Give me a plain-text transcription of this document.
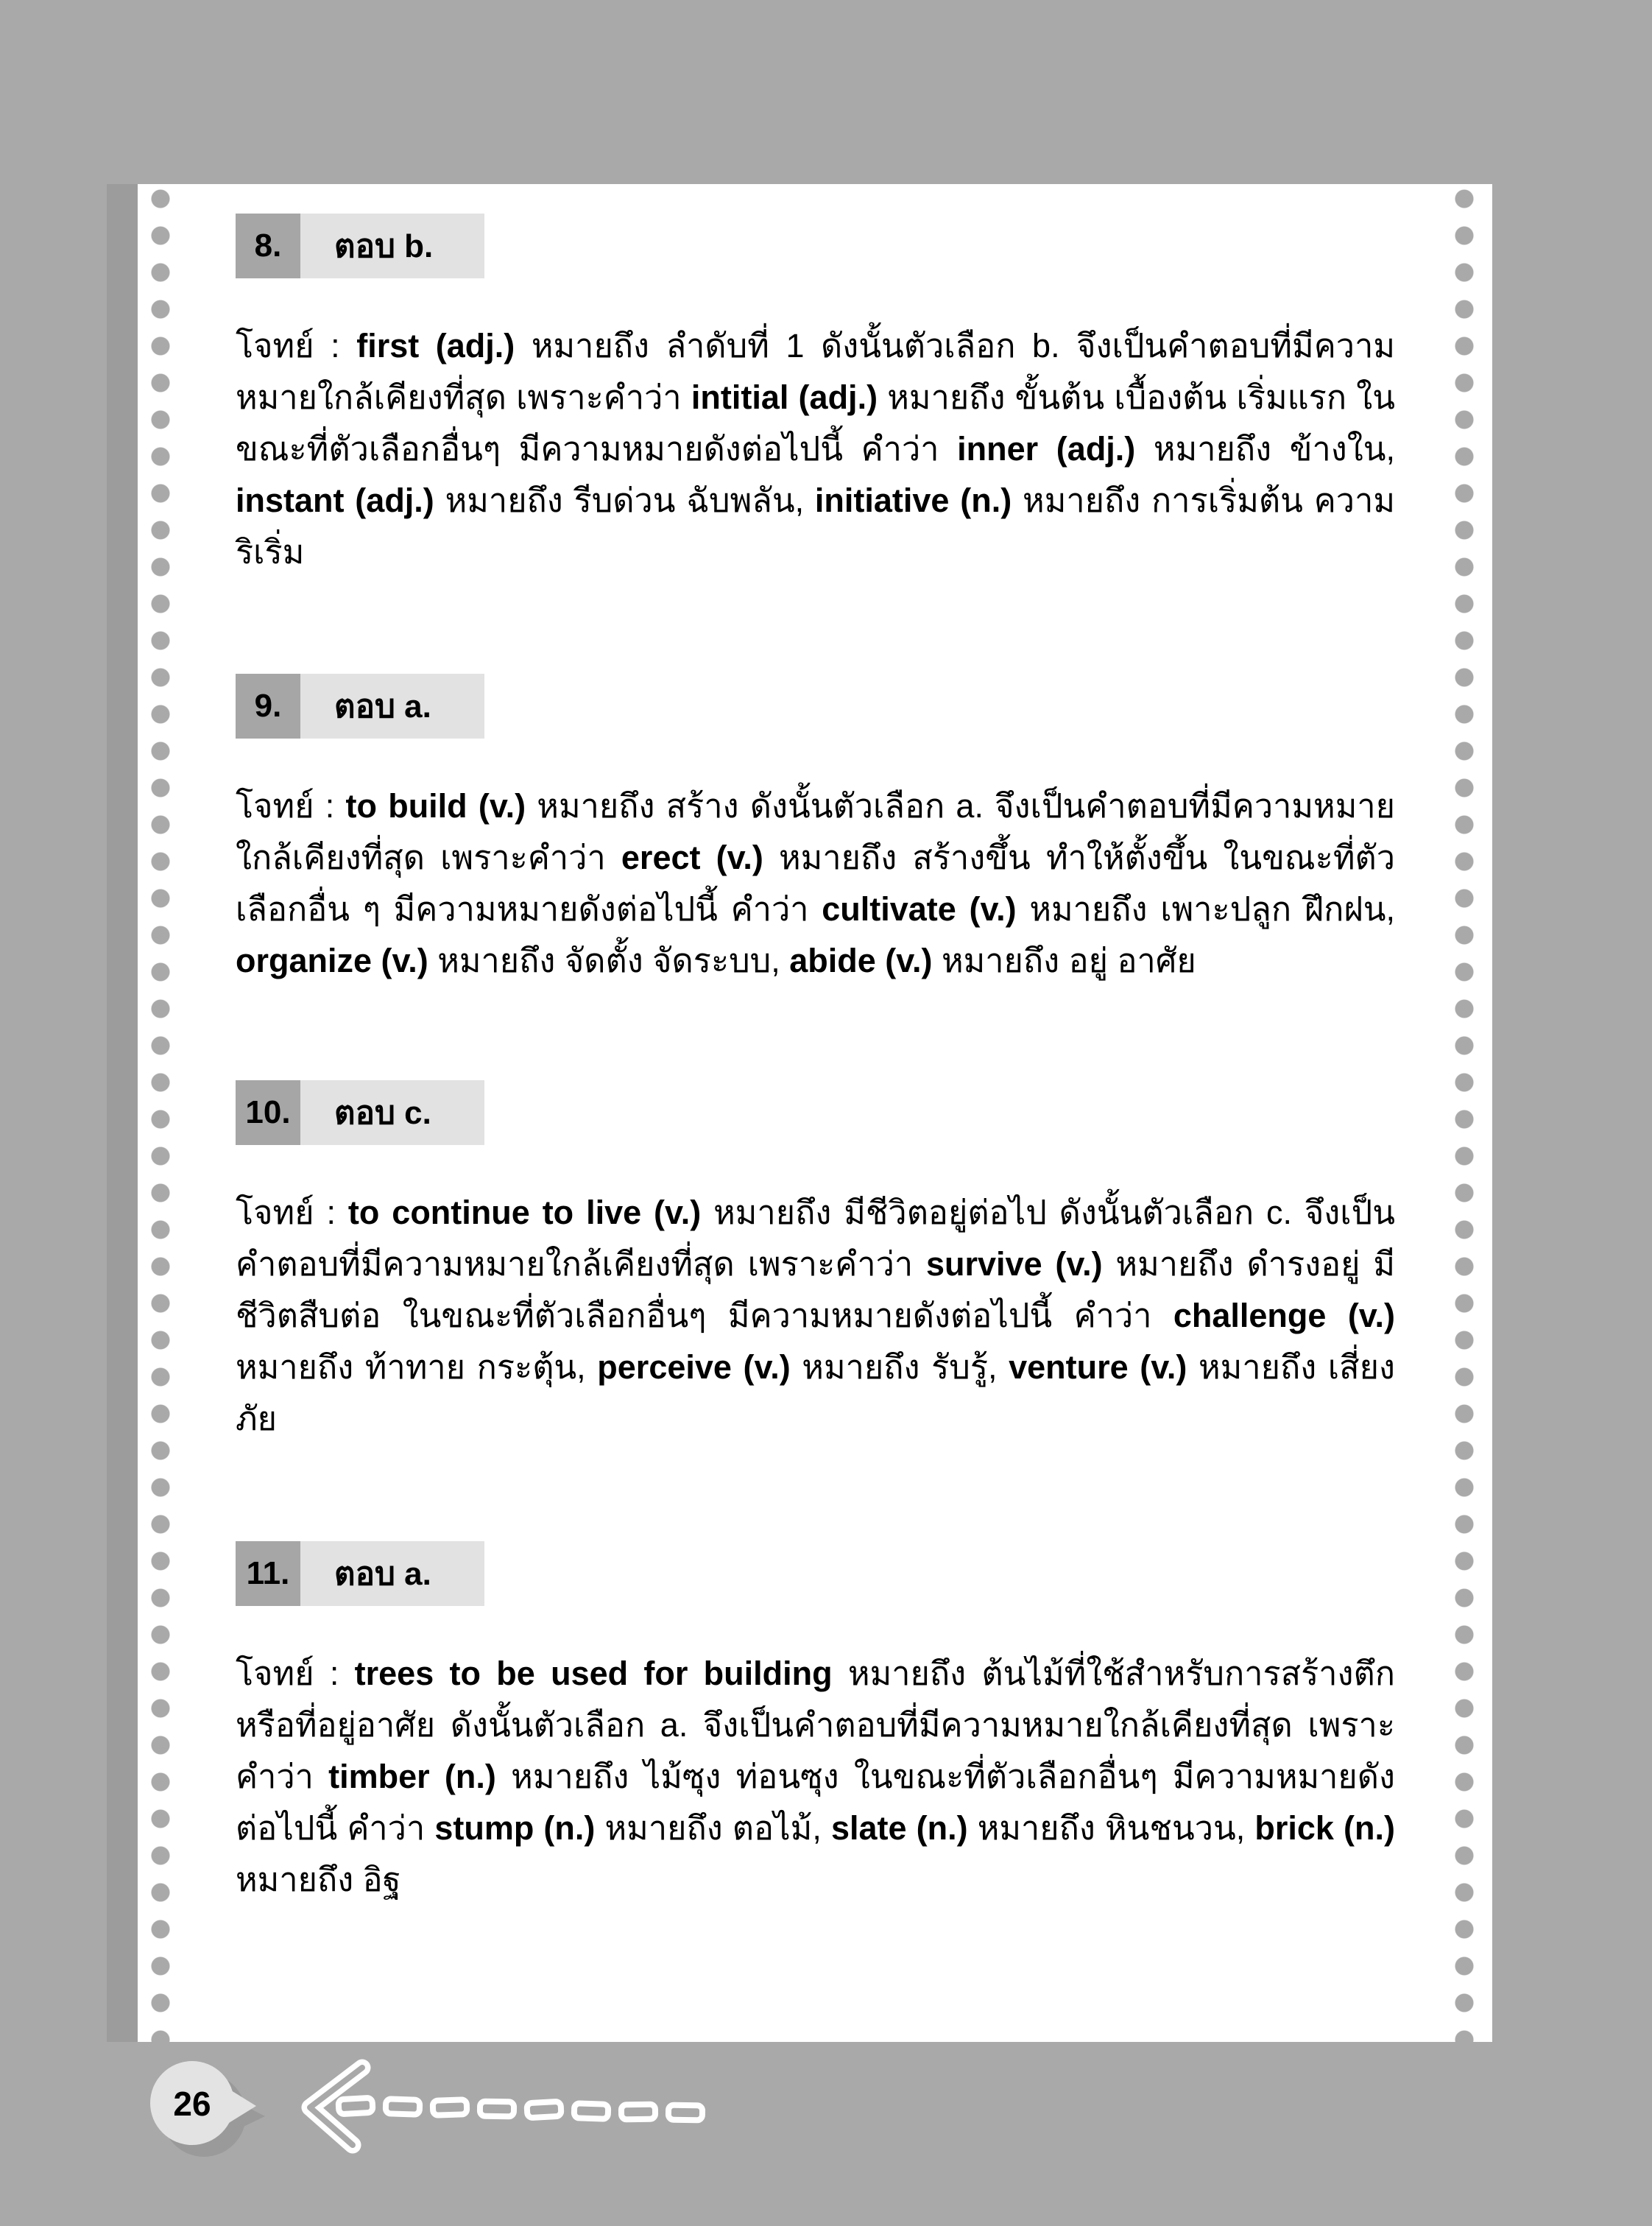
8.	ตอบ b.

โจทย์ : first (adj.) หมายถึง ลำดับที่ 1 ดังนั้นตัวเลือก b. จึงเป็นคำตอบที่มีความหมายใกล้เคียงที่สุด เพราะคำว่า intitial (adj.) หมายถึง ขั้นต้น เบื้องต้น เริ่มแรก ในขณะที่ตัวเลือกอื่นๆ มีความหมายดังต่อไปนี้ คำว่า inner (adj.) หมายถึง ข้างใน, instant (adj.) หมายถึง รีบด่วน ฉับพลัน, initiative (n.) หมายถึง การเริ่มต้น ความริเริ่ม

9.	ตอบ a.

โจทย์ : to build (v.) หมายถึง สร้าง ดังนั้นตัวเลือก a. จึงเป็นคำตอบที่มีความหมายใกล้เคียงที่สุด เพราะคำว่า erect (v.) หมายถึง สร้างขึ้น ทำให้ตั้งขึ้น ในขณะที่ตัวเลือกอื่น ๆ มีความหมายดังต่อไปนี้ คำว่า cultivate (v.) หมายถึง เพาะปลูก ฝึกฝน, organize (v.) หมายถึง จัดตั้ง จัดระบบ, abide (v.) หมายถึง อยู่ อาศัย

10.	ตอบ c.

โจทย์ : to continue to live (v.) หมายถึง มีชีวิตอยู่ต่อไป ดังนั้นตัวเลือก c. จึงเป็นคำตอบที่มีความหมายใกล้เคียงที่สุด เพราะคำว่า survive (v.) หมายถึง ดำรงอยู่ มีชีวิตสืบต่อ ในขณะที่ตัวเลือกอื่นๆ มีความหมายดังต่อไปนี้ คำว่า challenge (v.) หมายถึง ท้าทาย กระตุ้น, perceive (v.) หมายถึง รับรู้, venture (v.) หมายถึง เสี่ยงภัย

11.	ตอบ a.

โจทย์ : trees to be used for building หมายถึง ต้นไม้ที่ใช้สำหรับการสร้างตึกหรือที่อยู่อาศัย ดังนั้นตัวเลือก a. จึงเป็นคำตอบที่มีความหมายใกล้เคียงที่สุด เพราะคำว่า timber (n.) หมายถึง ไม้ซุง ท่อนซุง ในขณะที่ตัวเลือกอื่นๆ มีความหมายดังต่อไปนี้ คำว่า stump (n.) หมายถึง ตอไม้, slate (n.) หมายถึง หินชนวน, brick (n.) หมายถึง อิฐ

26
